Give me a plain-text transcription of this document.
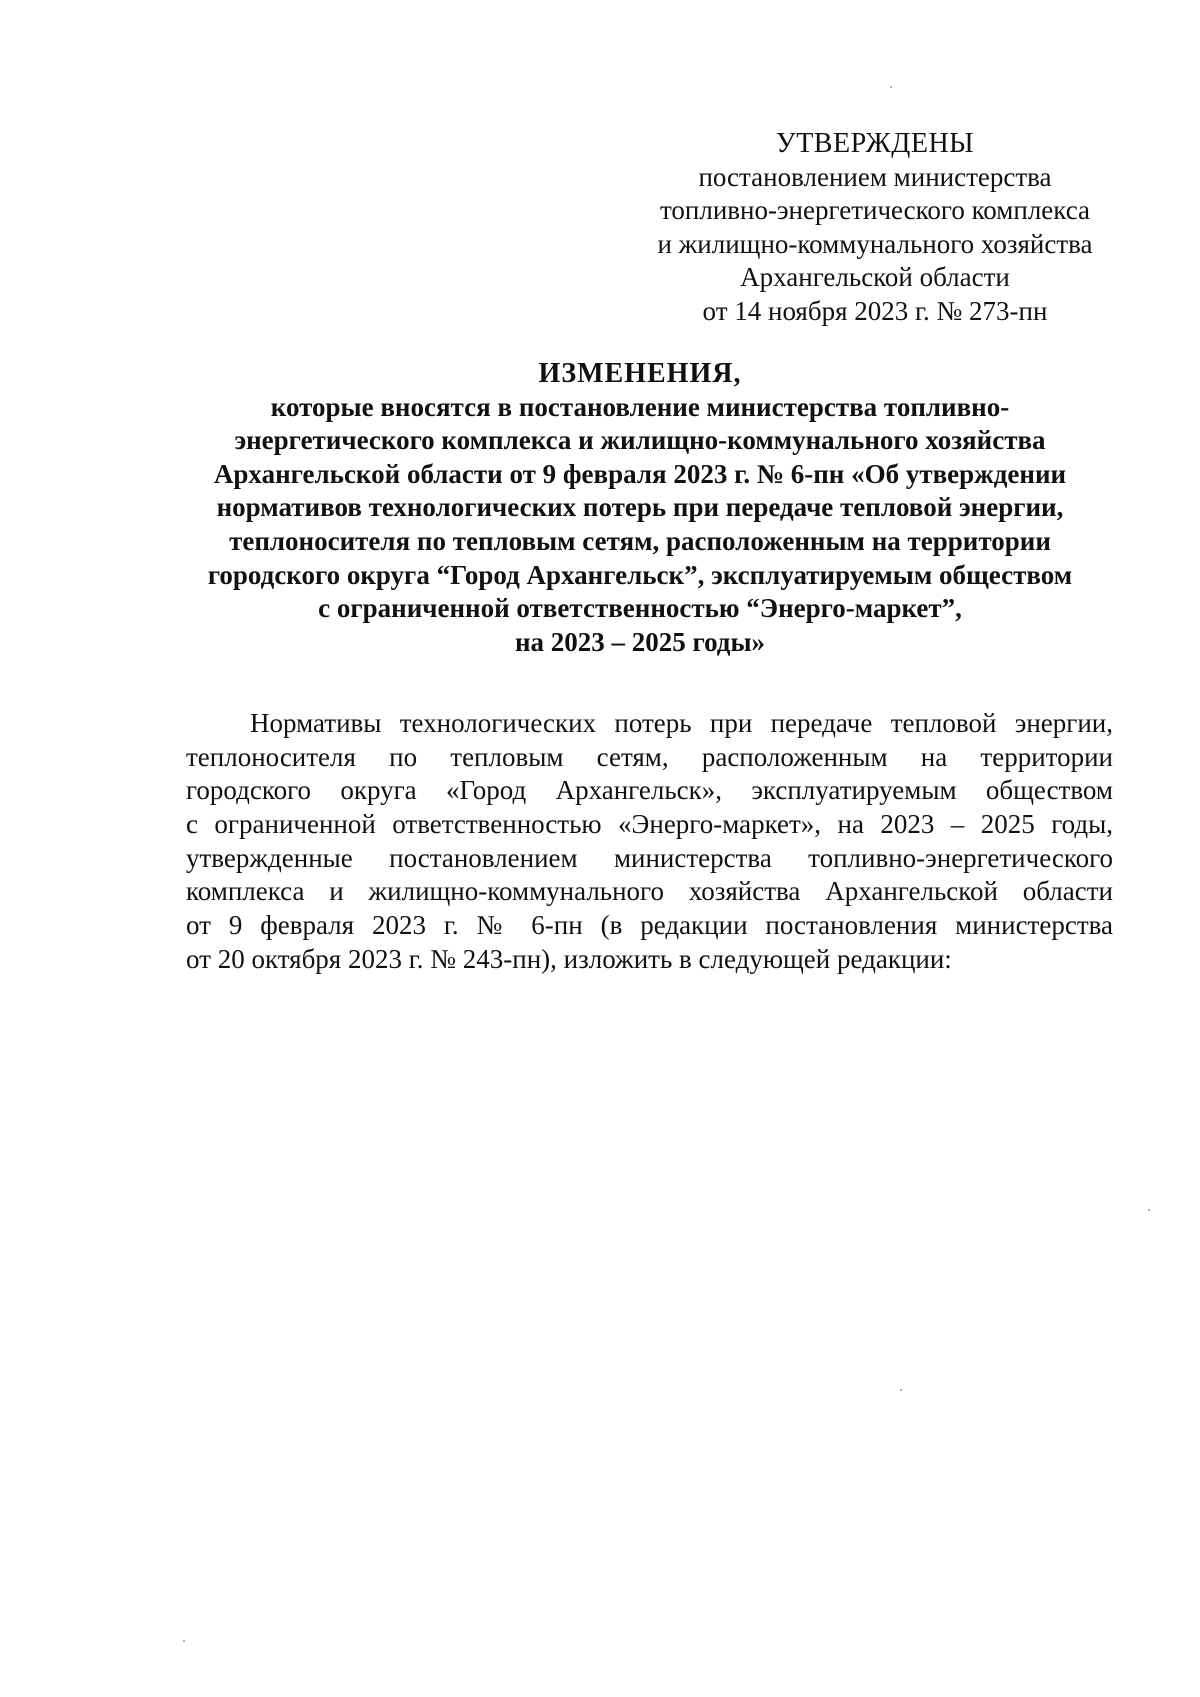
УТВЕРЖДЕНЫ
постановлением министерства
топливно-энергетического комплекса
и жилищно-коммунального хозяйства
Архангельской области
от 14 ноября 2023 г. № 273-пн
ИЗМЕНЕНИЯ,
которые вносятся в постановление министерства топливно-
энергетического комплекса и жилищно-коммунального хозяйства
Архангельской области от 9 февраля 2023 г. № 6-пн «Об утверждении
нормативов технологических потерь при передаче тепловой энергии,
теплоносителя по тепловым сетям, расположенным на территории
городского округа “Город Архангельск”, эксплуатируемым обществом
с ограниченной ответственностью “Энерго-маркет”,
на 2023 – 2025 годы»
Нормативы технологических потерь при передаче тепловой энергии,
теплоносителя по тепловым сетям, расположенным на территории
городского округа «Город Архангельск», эксплуатируемым обществом
с ограниченной ответственностью «Энерго-маркет», на 2023 – 2025 годы,
утвержденные постановлением министерства топливно-энергетического
комплекса и жилищно-коммунального хозяйства Архангельской области
от 9 февраля 2023 г. № 6-пн (в редакции постановления министерства
от 20 октября 2023 г. № 243-пн), изложить в следующей редакции:
